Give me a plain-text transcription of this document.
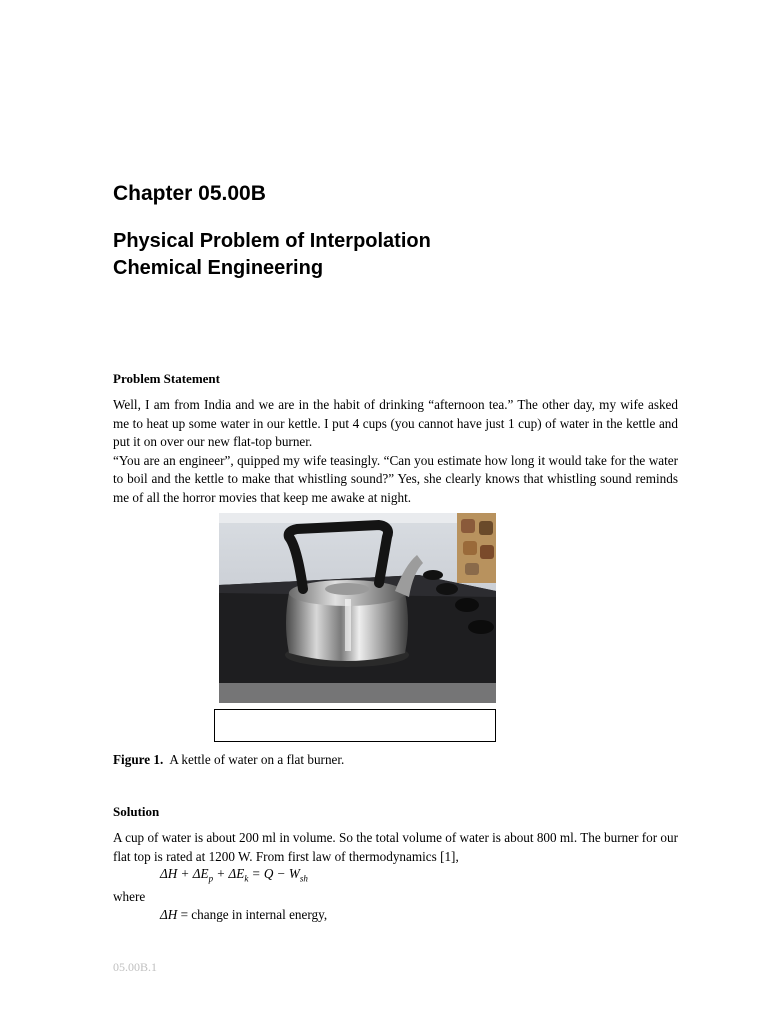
Chapter 05.00B
Physical Problem of Interpolation
Chemical Engineering
Problem Statement
Well, I am from India and we are in the habit of drinking “afternoon tea.” The other day, my wife asked me to heat up some water in our kettle. I put 4 cups (you cannot have just 1 cup) of water in the kettle and put it on over our new flat-top burner.
“You are an engineer”, quipped my wife teasingly. “Can you estimate how long it would take for the water to boil and the kettle to make that whistling sound?” Yes, she clearly knows that whistling sound reminds me of all the horror movies that keep me awake at night.

Figure 1. A kettle of water on a flat burner.

Solution
A cup of water is about 200 ml in volume. So the total volume of water is about 800 ml. The burner for our flat top is rated at 1200 W. From first law of thermodynamics [1],

$\Delta H + \Delta E_p + \Delta E_k = Q - W_{sh}$

where

ΔH = change in internal energy,

05.00B.1
